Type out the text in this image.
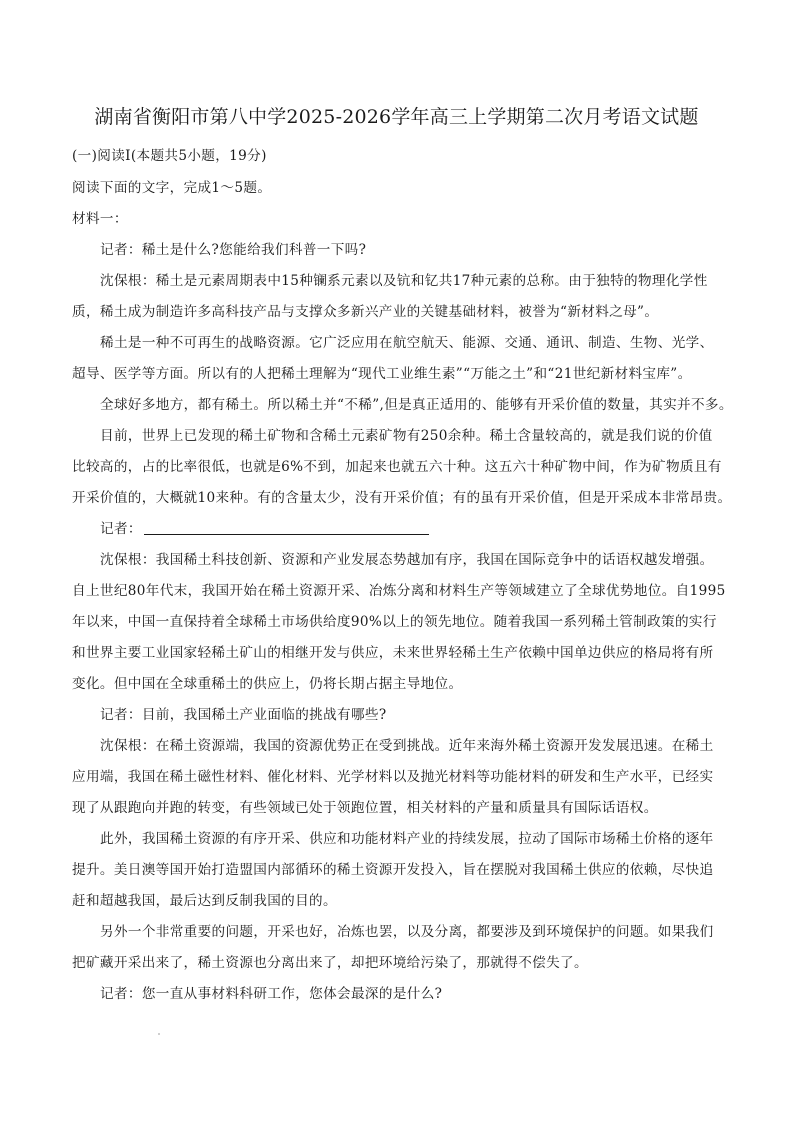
湖南省衡阳市第八中学2025-2026学年高三上学期第二次月考语文试题
(一)阅读Ⅰ(本题共5小题，19分)
阅读下面的文字，完成1～5题。
材料一：
记者：稀土是什么?您能给我们科普一下吗?
沈保根：稀土是元素周期表中15种镧系元素以及钪和钇共17种元素的总称。由于独特的物理化学性
质，稀土成为制造许多高科技产品与支撑众多新兴产业的关键基础材料，被誉为“新材料之母”。
稀土是一种不可再生的战略资源。它广泛应用在航空航天、能源、交通、通讯、制造、生物、光学、
超导、医学等方面。所以有的人把稀土理解为“现代工业维生素”“万能之土”和“21世纪新材料宝库”。
全球好多地方，都有稀土。所以稀土并“不稀”,但是真正适用的、能够有开采价值的数量，其实并不多。
目前，世界上已发现的稀土矿物和含稀土元素矿物有250余种。稀土含量较高的，就是我们说的价值
比较高的，占的比率很低，也就是6%不到，加起来也就五六十种。这五六十种矿物中间，作为矿物质且有
开采价值的，大概就10来种。有的含量太少，没有开采价值；有的虽有开采价值，但是开采成本非常昂贵。
记者：
沈保根：我国稀土科技创新、资源和产业发展态势越加有序，我国在国际竞争中的话语权越发增强。
自上世纪80年代末，我国开始在稀土资源开采、冶炼分离和材料生产等领域建立了全球优势地位。自1995
年以来，中国一直保持着全球稀土市场供给度90%以上的领先地位。随着我国一系列稀土管制政策的实行
和世界主要工业国家轻稀土矿山的相继开发与供应，未来世界轻稀土生产依赖中国单边供应的格局将有所
变化。但中国在全球重稀土的供应上，仍将长期占据主导地位。
记者：目前，我国稀土产业面临的挑战有哪些?
沈保根：在稀土资源端，我国的资源优势正在受到挑战。近年来海外稀土资源开发发展迅速。在稀土
应用端，我国在稀土磁性材料、催化材料、光学材料以及抛光材料等功能材料的研发和生产水平，已经实
现了从跟跑向并跑的转变，有些领域已处于领跑位置，相关材料的产量和质量具有国际话语权。
此外，我国稀土资源的有序开采、供应和功能材料产业的持续发展，拉动了国际市场稀土价格的逐年
提升。美日澳等国开始打造盟国内部循环的稀土资源开发投入，旨在摆脱对我国稀土供应的依赖，尽快追
赶和超越我国，最后达到反制我国的目的。
另外一个非常重要的问题，开采也好，冶炼也罢，以及分离，都要涉及到环境保护的问题。如果我们
把矿藏开采出来了，稀土资源也分离出来了，却把环境给污染了，那就得不偿失了。
记者：您一直从事材料科研工作，您体会最深的是什么?
